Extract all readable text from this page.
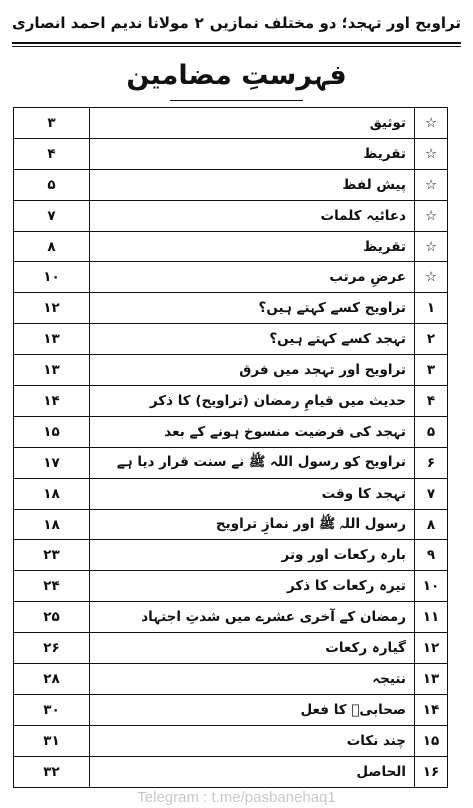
تراویح اور تہجد؛ دو مختلف نمازیں
۲
مولانا ندیم احمد انصاری
فہرستِ مضامین
☆	توثیق	۳
☆	تقریظ	۴
☆	پیش لفظ	۵
☆	دعائیہ کلمات	۷
☆	تقریظ	۸
☆	عرضِ مرتب	۱۰
۱	تراویح کسے کہتے ہیں؟	۱۲
۲	تہجد کسے کہتے ہیں؟	۱۳
۳	تراویح اور تہجد میں فرق	۱۳
۴	حدیث میں قیامِ رمضان (تراویح) کا ذکر	۱۴
۵	تہجد کی فرضیت منسوخ ہونے کے بعد	۱۵
۶	تراویح کو رسول اللہ ﷺ نے سنت قرار دیا ہے	۱۷
۷	تہجد کا وقت	۱۸
۸	رسول اللہ ﷺ اور نمازِ تراویح	۱۸
۹	بارہ رکعات اور وتر	۲۳
۱۰	تیرہ رکعات کا ذکر	۲۴
۱۱	رمضان کے آخری عشرے میں شدتِ اجتہاد	۲۵
۱۲	گیارہ رکعات	۲۶
۱۳	نتیجہ	۲۸
۱۴	صحابیؓ کا فعل	۳۰
۱۵	چند نکات	۳۱
۱۶	الحاصل	۳۲
Telegram : t.me/pasbanehaq1
